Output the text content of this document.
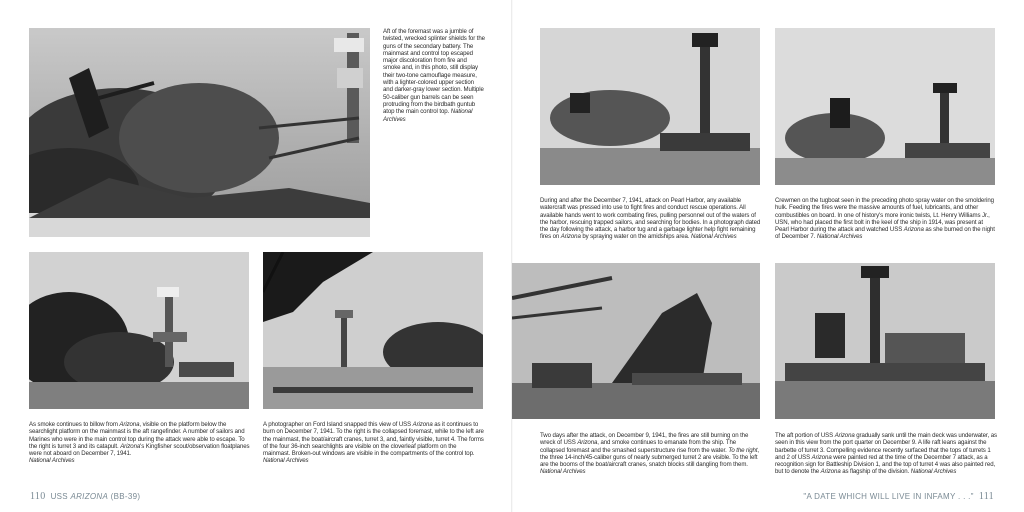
Aft of the foremast was a jumble of twisted, wrecked splinter shields for the guns of the secondary battery. The mainmast and control top escaped major discoloration from fire and smoke and, in this photo, still display their two-tone camouflage measure, with a lighter-colored upper section and darker-gray lower section. Multiple 50-caliber gun barrels can be seen protruding from the birdbath guntub atop the main control top. National Archives
As smoke continues to billow from Arizona, visible on the platform below the searchlight platform on the mainmast is the aft rangefinder. A number of sailors and Marines who were in the main control top during the attack were able to escape. To the right is turret 3 and its catapult. Arizona's Kingfisher scout/observation floatplanes were not aboard on December 7, 1941.
National Archives
A photographer on Ford Island snapped this view of USS Arizona as it continues to burn on December 7, 1941. To the right is the collapsed foremast, while to the left are the mainmast, the boat/aircraft cranes, turret 3, and, faintly visible, turret 4. The forms of the four 36-inch searchlights are visible on the cloverleaf platform on the mainmast. Broken-out windows are visible in the compartments of the control top. National Archives
110 USS ARIZONA (BB-39)
During and after the December 7, 1941, attack on Pearl Harbor, any available watercraft was pressed into use to fight fires and conduct rescue operations. All available hands went to work combating fires, pulling personnel out of the waters of the harbor, rescuing trapped sailors, and searching for bodies. In a photograph dated the day following the attack, a harbor tug and a garbage lighter help fight remaining fires on Arizona by spraying water on the amidships area. National Archives
Crewmen on the tugboat seen in the preceding photo spray water on the smoldering hulk. Feeding the fires were the massive amounts of fuel, lubricants, and other combustibles on board. In one of history's more ironic twists, Lt. Henry Williams Jr., USN, who had placed the first bolt in the keel of the ship in 1914, was present at Pearl Harbor during the attack and watched USS Arizona as she burned on the night of December 7. National Archives
Two days after the attack, on December 9, 1941, the fires are still burning on the wreck of USS Arizona, and smoke continues to emanate from the ship. The collapsed foremast and the smashed superstructure rise from the water. To the right, the three 14-inch/45-caliber guns of nearly submerged turret 2 are visible. To the left are the booms of the boat/aircraft cranes, snatch blocks still dangling from them. National Archives
The aft portion of USS Arizona gradually sank until the main deck was underwater, as seen in this view from the port quarter on December 9. A life raft leans against the barbette of turret 3. Compelling evidence recently surfaced that the tops of turrets 1 and 2 of USS Arizona were painted red at the time of the December 7 attack, as a recognition sign for Battleship Division 1, and the top of turret 4 was also painted red, but to denote the Arizona as flagship of the division. National Archives
"A DATE WHICH WILL LIVE IN INFAMY . . ." 111
